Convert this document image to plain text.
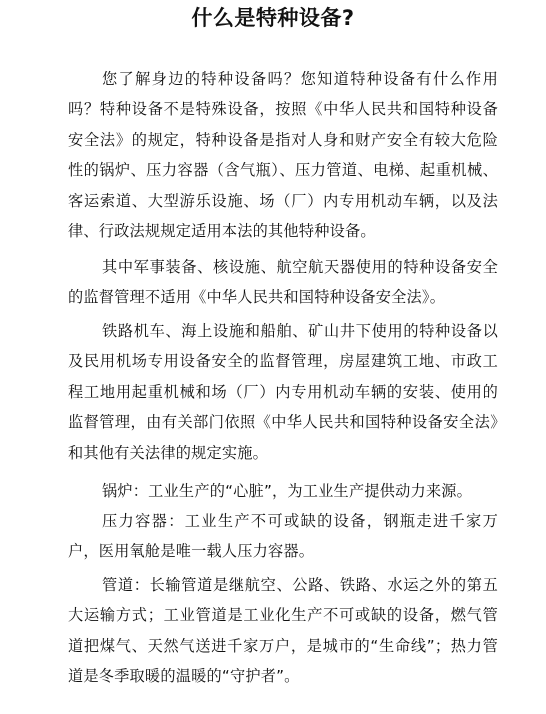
什么是特种设备?

您了解身边的特种设备吗？您知道特种设备有什么作用吗？特种设备不是特殊设备，按照《中华人民共和国特种设备安全法》的规定，特种设备是指对人身和财产安全有较大危险性的锅炉、压力容器（含气瓶）、压力管道、电梯、起重机械、客运索道、大型游乐设施、场（厂）内专用机动车辆，以及法律、行政法规规定适用本法的其他特种设备。

其中军事装备、核设施、航空航天器使用的特种设备安全的监督管理不适用《中华人民共和国特种设备安全法》。

铁路机车、海上设施和船舶、矿山井下使用的特种设备以及民用机场专用设备安全的监督管理，房屋建筑工地、市政工程工地用起重机械和场（厂）内专用机动车辆的安装、使用的监督管理，由有关部门依照《中华人民共和国特种设备安全法》和其他有关法律的规定实施。

锅炉：工业生产的“心脏”，为工业生产提供动力来源。

压力容器：工业生产不可或缺的设备，钢瓶走进千家万户，医用氧舱是唯一载人压力容器。

管道：长输管道是继航空、公路、铁路、水运之外的第五大运输方式；工业管道是工业化生产不可或缺的设备，燃气管道把煤气、天然气送进千家万户，是城市的“生命线”；热力管道是冬季取暖的温暖的“守护者”。
